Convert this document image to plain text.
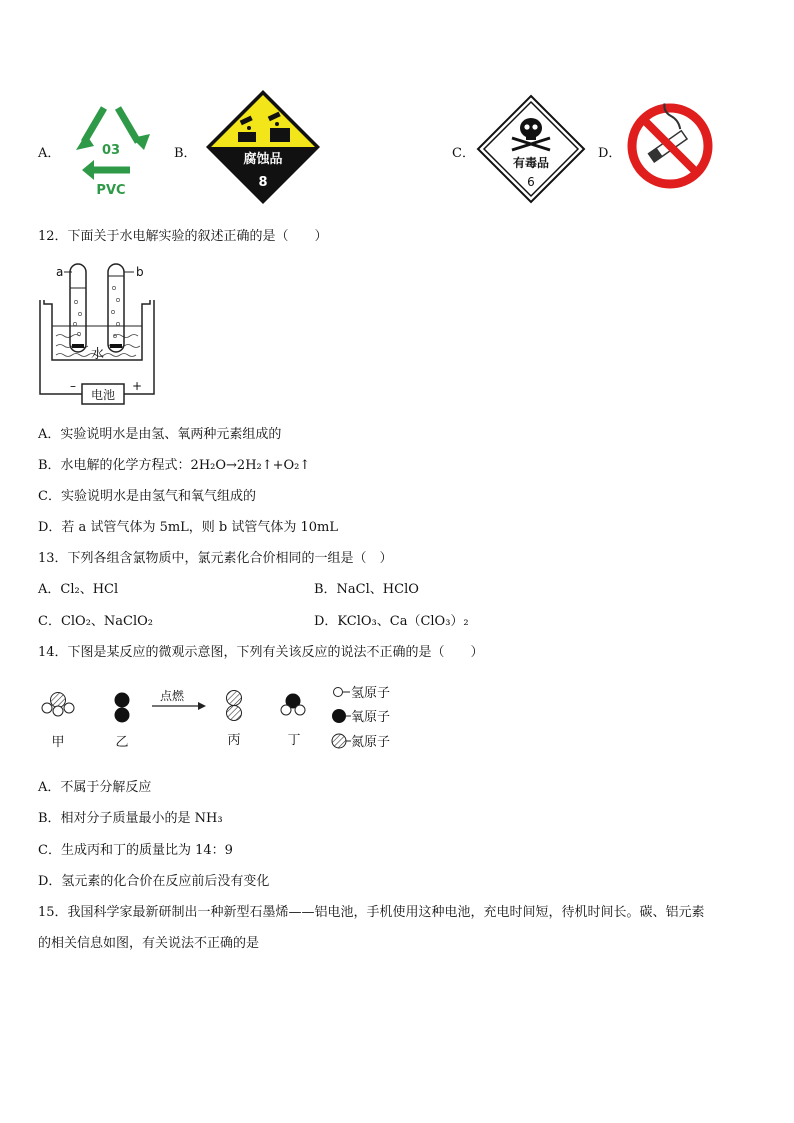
A．	03
PVC
B．	腐蚀品
8
C．
有毒品
6
D．
12．下面关于水电解实验的叙述正确的是（　　）
a	b
水
电池
–	+
A．实验说明水是由氢、氧两种元素组成的
B．水电解的化学方程式：2H₂O→2H₂↑+O₂↑
C．实验说明水是由氢气和氧气组成的
D．若 a 试管气体为 5mL，则 b 试管气体为 10mL
13．下列各组含氯物质中，氯元素化合价相同的一组是（　）
A．Cl₂、HCl	B．NaCl、HClO
C．ClO₂、NaClO₂	D．KClO₃、Ca（ClO₃）₂
14．下图是某反应的微观示意图，下列有关该反应的说法不正确的是（　　）
点燃
甲	乙	丙	丁
氢原子
氧原子
氮原子
A．不属于分解反应
B．相对分子质量最小的是 NH₃
C．生成丙和丁的质量比为 14：9
D．氢元素的化合价在反应前后没有变化
15．我国科学家最新研制出一种新型石墨烯——铝电池，手机使用这种电池，充电时间短，待机时间长。碳、铝元素
的相关信息如图，有关说法不正确的是
